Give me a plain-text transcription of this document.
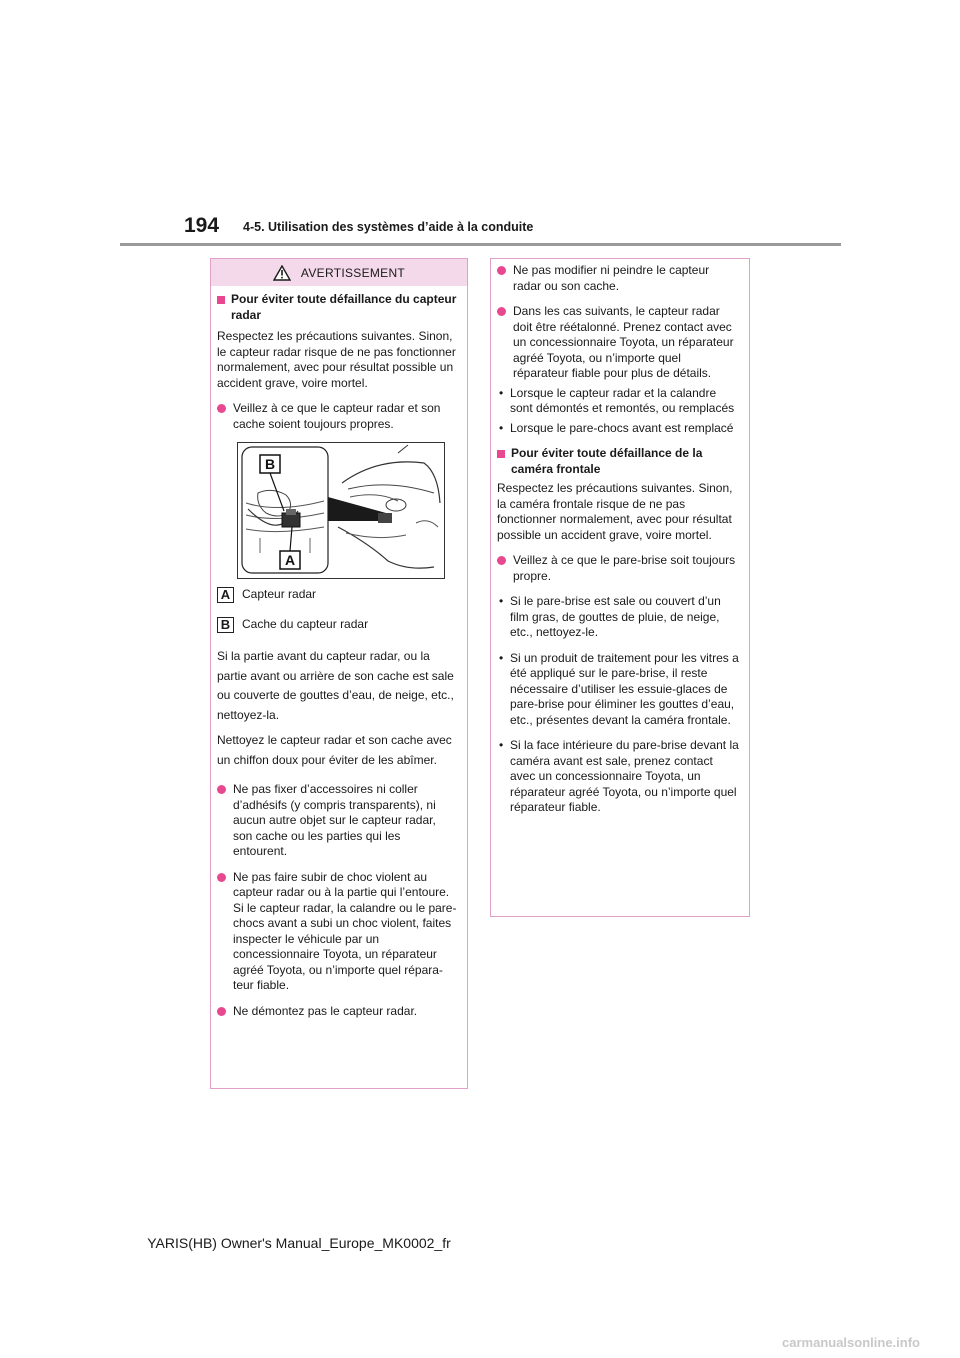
194 4-5. Utilisation des systèmes d’aide à la conduite
AVERTISSEMENT
Pour éviter toute défaillance du capteur radar
Respectez les précautions suivantes. Sinon, le capteur radar risque de ne pas fonctionner normalement, avec pour résultat possible un accident grave, voire mortel.
Veillez à ce que le capteur radar et son cache soient toujours propres.
B
A
A Capteur radar
B Cache du capteur radar
Si la partie avant du capteur radar, ou la partie avant ou arrière de son cache est sale ou couverte de gouttes d’eau, de neige, etc., nettoyez-la.
Nettoyez le capteur radar et son cache avec un chiffon doux pour éviter de les abîmer.
Ne pas fixer d’accessoires ni coller d’adhésifs (y compris transparents), ni aucun autre objet sur le capteur radar, son cache ou les parties qui les entourent.
Ne pas faire subir de choc violent au capteur radar ou à la partie qui l’entoure.
Si le capteur radar, la calandre ou le pare-chocs avant a subi un choc violent, faites inspecter le véhicule par un concessionnaire Toyota, un réparateur agréé Toyota, ou n’importe quel réparateur fiable.
Ne démontez pas le capteur radar.
Ne pas modifier ni peindre le capteur radar ou son cache.
Dans les cas suivants, le capteur radar doit être réétalonné. Prenez contact avec un concessionnaire Toyota, un réparateur agréé Toyota, ou n’importe quel réparateur fiable pour plus de détails.
• Lorsque le capteur radar et la calandre sont démontés et remontés, ou remplacés
• Lorsque le pare-chocs avant est remplacé
Pour éviter toute défaillance de la caméra frontale
Respectez les précautions suivantes. Sinon, la caméra frontale risque de ne pas fonctionner normalement, avec pour résultat possible un accident grave, voire mortel.
Veillez à ce que le pare-brise soit toujours propre.
• Si le pare-brise est sale ou couvert d’un film gras, de gouttes de pluie, de neige, etc., nettoyez-le.
• Si un produit de traitement pour les vitres a été appliqué sur le pare-brise, il reste nécessaire d’utiliser les essuie-glaces de pare-brise pour éliminer les gouttes d’eau, etc., présentes devant la caméra frontale.
• Si la face intérieure du pare-brise devant la caméra avant est sale, prenez contact avec un concessionnaire Toyota, un réparateur agréé Toyota, ou n’importe quel réparateur fiable.
YARIS(HB) Owner's Manual_Europe_MK0002_fr
carmanualsonline.info
